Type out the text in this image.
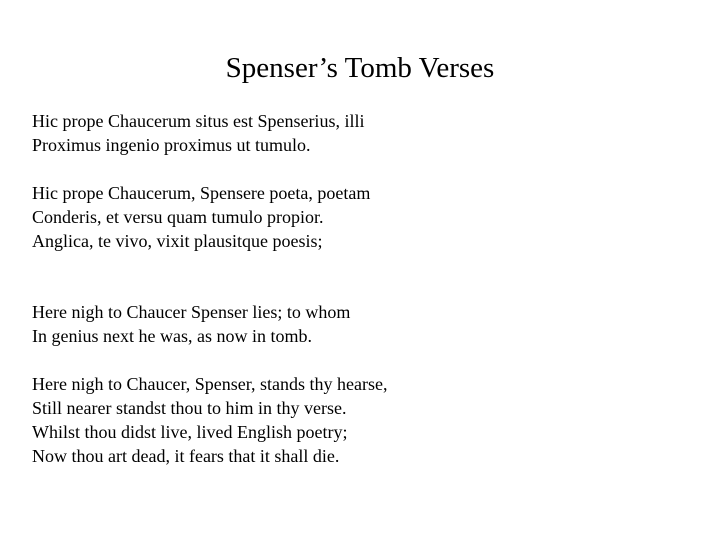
Spenser’s Tomb Verses
Hic prope Chaucerum situs est Spenserius, illi
Proximus ingenio proximus ut tumulo.
Hic prope Chaucerum, Spensere poeta, poetam
Conderis, et versu quam tumulo propior.
Anglica, te vivo, vixit plausitque poesis;
Here nigh to Chaucer Spenser lies; to whom
In genius next he was, as now in tomb.
Here nigh to Chaucer, Spenser, stands thy hearse,
Still nearer standst thou to him in thy verse.
Whilst thou didst live, lived English poetry;
Now thou art dead, it fears that it shall die.
